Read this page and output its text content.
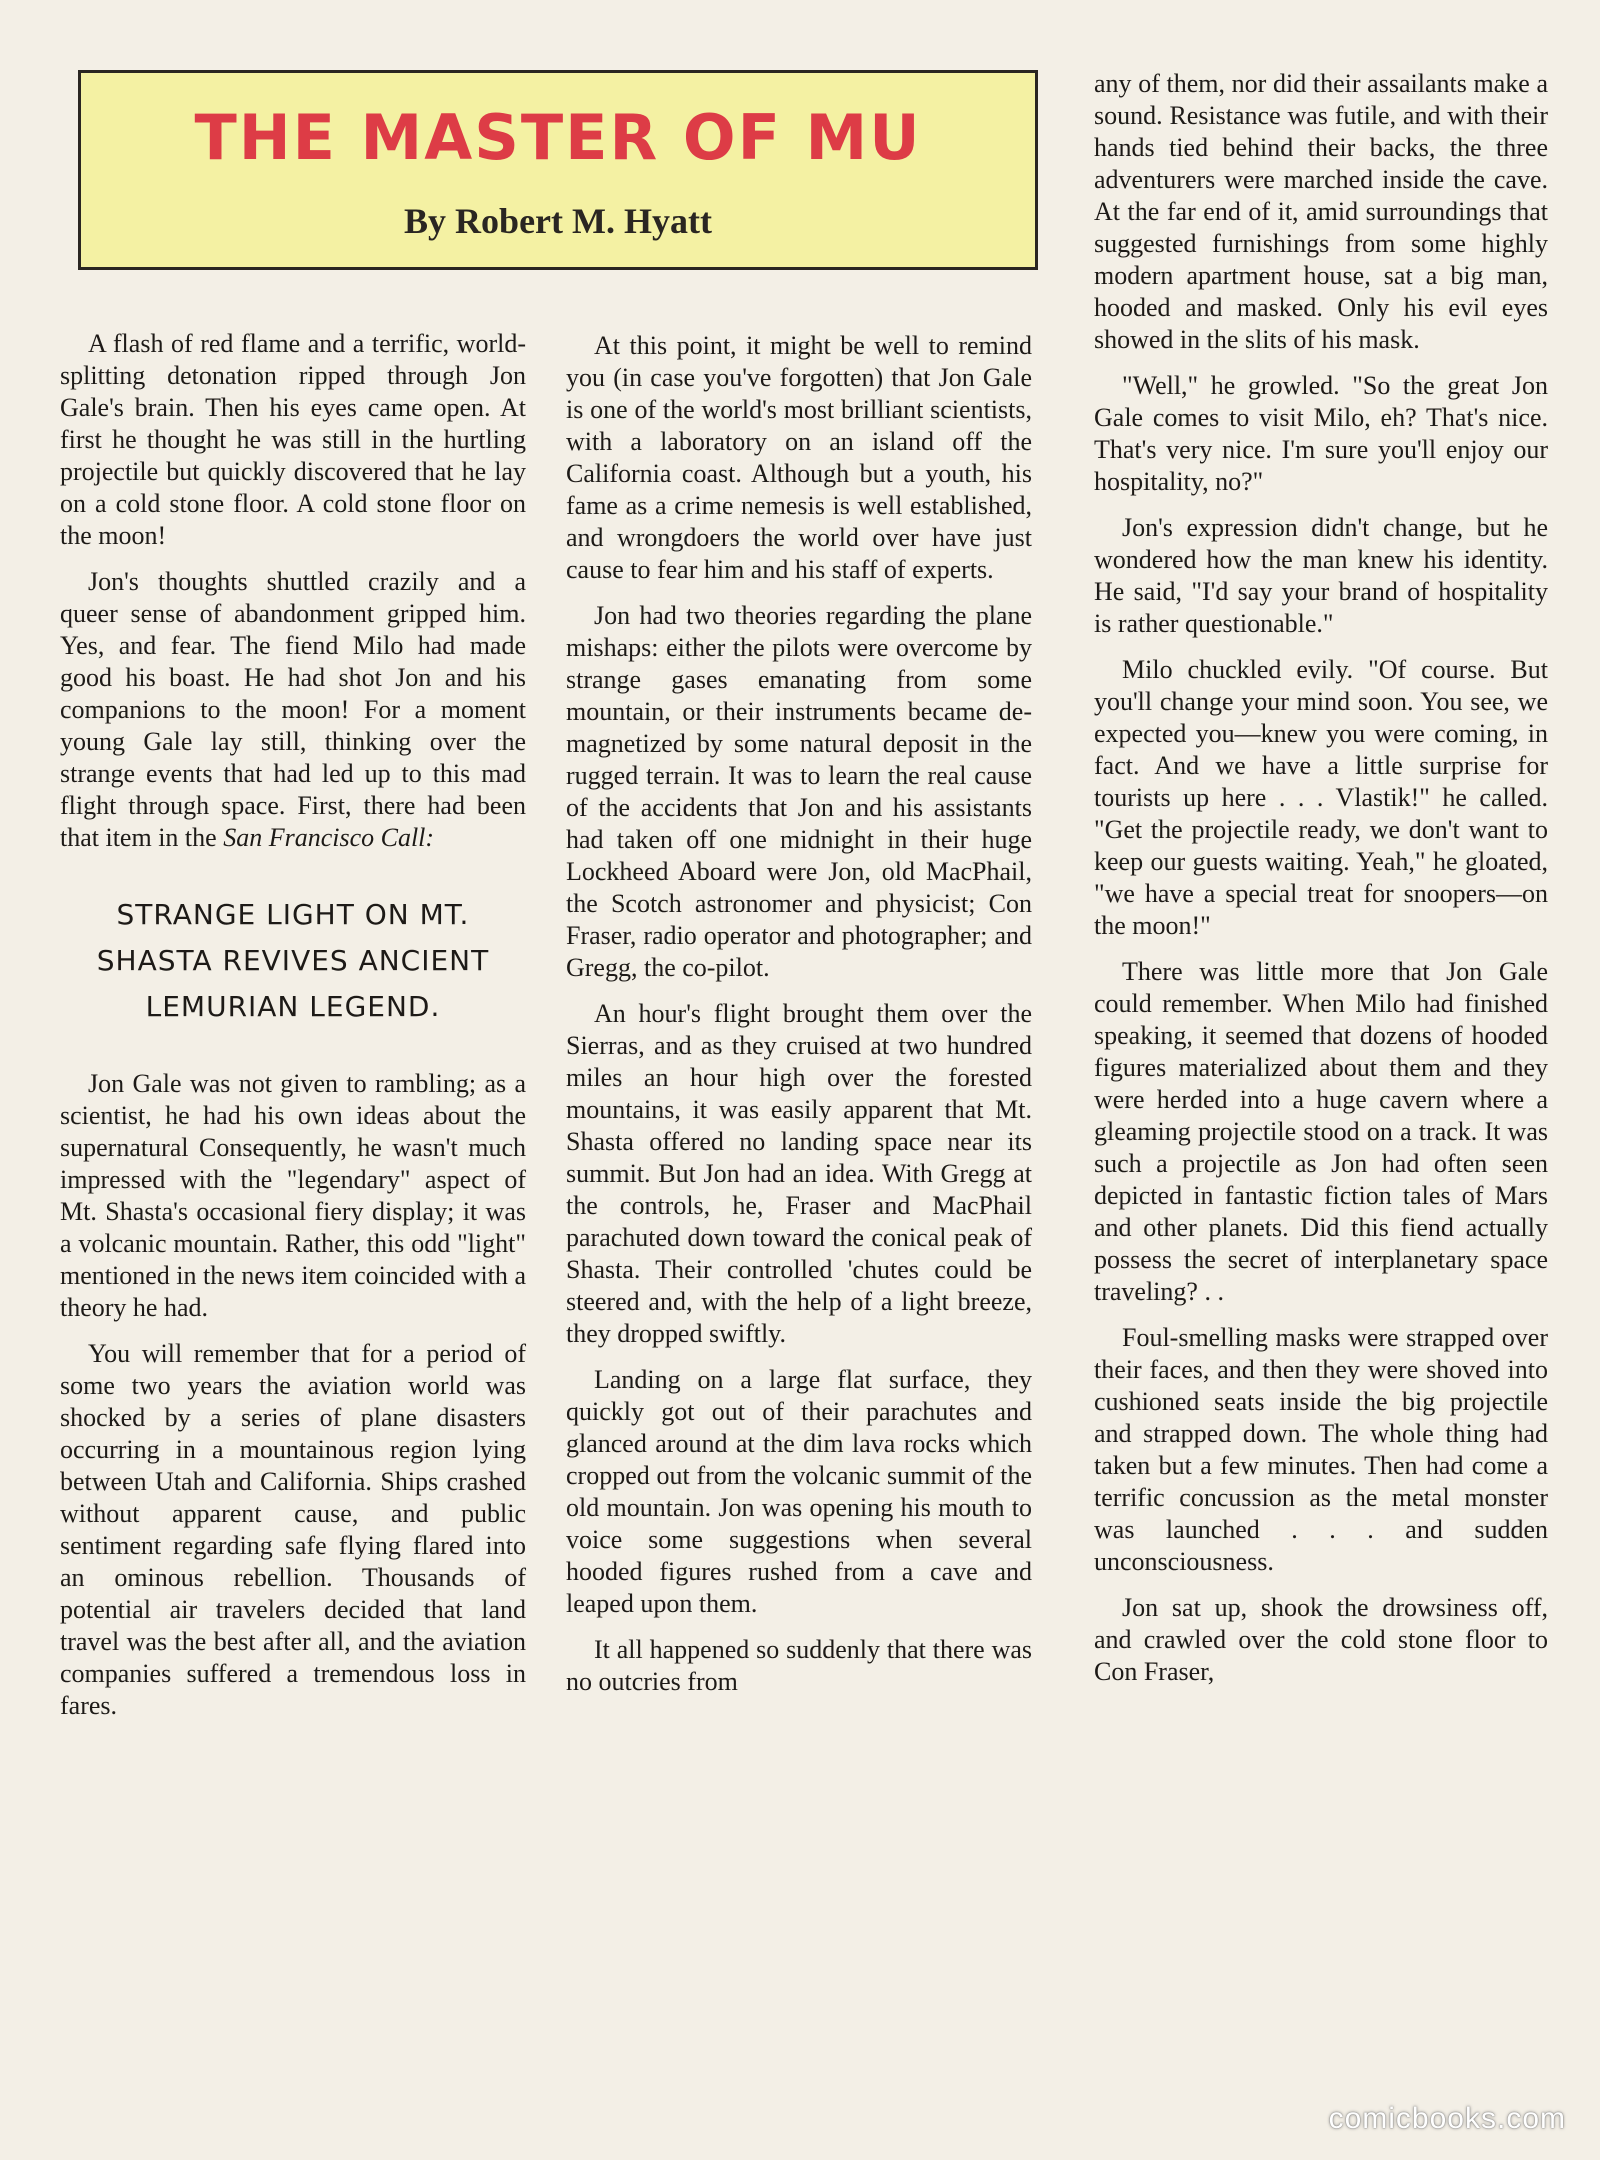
THE MASTER OF MU
By Robert M. Hyatt

A flash of red flame and a terrific, world-splitting detonation ripped through Jon Gale's brain. Then his eyes came open. At first he thought he was still in the hurtling projectile but quickly discovered that he lay on a cold stone floor. A cold stone floor on the moon!

Jon's thoughts shuttled crazily and a queer sense of abandonment gripped him. Yes, and fear. The fiend Milo had made good his boast. He had shot Jon and his companions to the moon! For a moment young Gale lay still, thinking over the strange events that had led up to this mad flight through space. First, there had been that item in the San Francisco Call:

STRANGE LIGHT ON MT.
SHASTA REVIVES ANCIENT
LEMURIAN LEGEND.

Jon Gale was not given to rambling; as a scientist, he had his own ideas about the supernatural Consequently, he wasn't much impressed with the "legendary" aspect of Mt. Shasta's occasional fiery display; it was a volcanic mountain. Rather, this odd "light" mentioned in the news item coincided with a theory he had.

You will remember that for a period of some two years the aviation world was shocked by a series of plane disasters occurring in a mountainous region lying between Utah and California. Ships crashed without apparent cause, and public sentiment regarding safe flying flared into an ominous rebellion. Thousands of potential air travelers decided that land travel was the best after all, and the aviation companies suffered a tremendous loss in fares.

At this point, it might be well to remind you (in case you've forgotten) that Jon Gale is one of the world's most brilliant scientists, with a laboratory on an island off the California coast. Although but a youth, his fame as a crime nemesis is well established, and wrongdoers the world over have just cause to fear him and his staff of experts.

Jon had two theories regarding the plane mishaps: either the pilots were overcome by strange gases emanating from some mountain, or their instruments became de-magnetized by some natural deposit in the rugged terrain. It was to learn the real cause of the accidents that Jon and his assistants had taken off one midnight in their huge Lockheed Aboard were Jon, old MacPhail, the Scotch astronomer and physicist; Con Fraser, radio operator and photographer; and Gregg, the co-pilot.

An hour's flight brought them over the Sierras, and as they cruised at two hundred miles an hour high over the forested mountains, it was easily apparent that Mt. Shasta offered no landing space near its summit. But Jon had an idea. With Gregg at the controls, he, Fraser and MacPhail parachuted down toward the conical peak of Shasta. Their controlled 'chutes could be steered and, with the help of a light breeze, they dropped swiftly.

Landing on a large flat surface, they quickly got out of their parachutes and glanced around at the dim lava rocks which cropped out from the volcanic summit of the old mountain. Jon was opening his mouth to voice some suggestions when several hooded figures rushed from a cave and leaped upon them.

It all happened so suddenly that there was no outcries from

any of them, nor did their assailants make a sound. Resistance was futile, and with their hands tied behind their backs, the three adventurers were marched inside the cave. At the far end of it, amid surroundings that suggested furnishings from some highly modern apartment house, sat a big man, hooded and masked. Only his evil eyes showed in the slits of his mask.

"Well," he growled. "So the great Jon Gale comes to visit Milo, eh? That's nice. That's very nice. I'm sure you'll enjoy our hospitality, no?"

Jon's expression didn't change, but he wondered how the man knew his identity. He said, "I'd say your brand of hospitality is rather questionable."

Milo chuckled evily. "Of course. But you'll change your mind soon. You see, we expected you—knew you were coming, in fact. And we have a little surprise for tourists up here . . . Vlastik!" he called. "Get the projectile ready, we don't want to keep our guests waiting. Yeah," he gloated, "we have a special treat for snoopers—on the moon!"

There was little more that Jon Gale could remember. When Milo had finished speaking, it seemed that dozens of hooded figures materialized about them and they were herded into a huge cavern where a gleaming projectile stood on a track. It was such a projectile as Jon had often seen depicted in fantastic fiction tales of Mars and other planets. Did this fiend actually possess the secret of interplanetary space traveling? . .

Foul-smelling masks were strapped over their faces, and then they were shoved into cushioned seats inside the big projectile and strapped down. The whole thing had taken but a few minutes. Then had come a terrific concussion as the metal monster was launched . . . and sudden unconsciousness.

Jon sat up, shook the drowsiness off, and crawled over the cold stone floor to Con Fraser,

comicbooks.com
